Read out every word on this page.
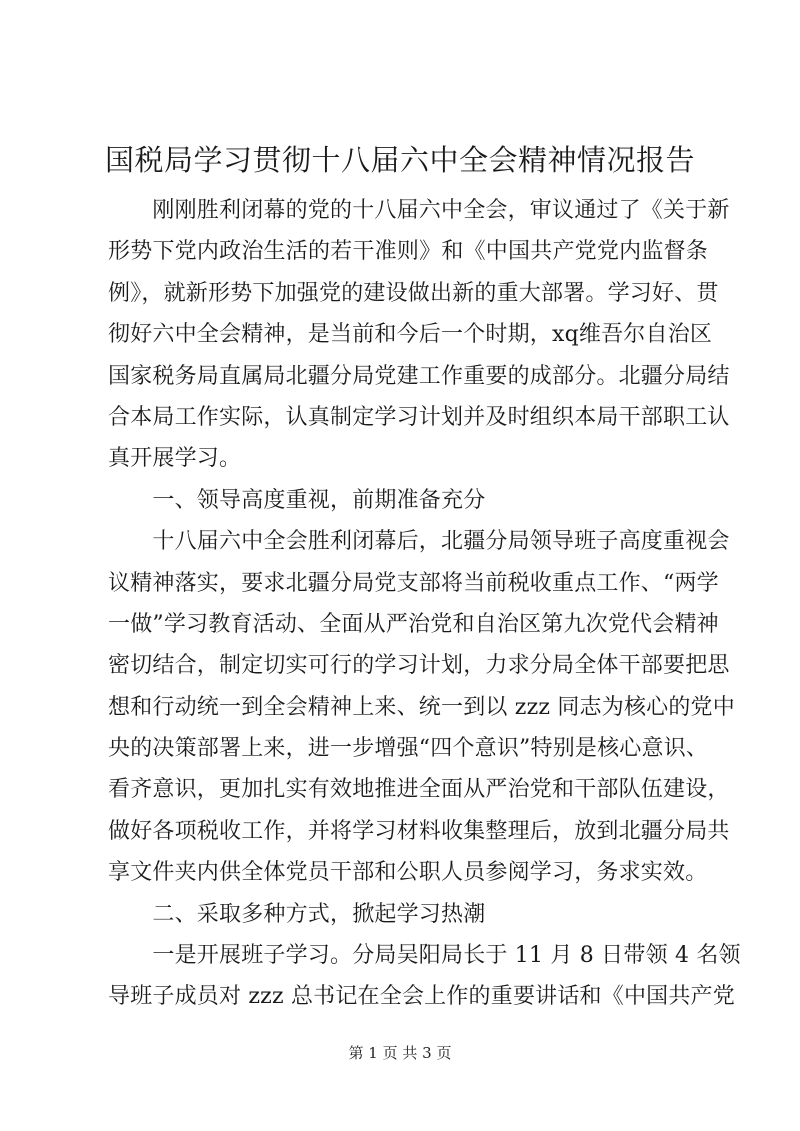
国税局学习贯彻十八届六中全会精神情况报告
　　刚刚胜利闭幕的党的十八届六中全会，审议通过了《关于新
形势下党内政治生活的若干准则》和《中国共产党党内监督条
例》，就新形势下加强党的建设做出新的重大部署。学习好、贯
彻好六中全会精神，是当前和今后一个时期，xq维吾尔自治区
国家税务局直属局北疆分局党建工作重要的成部分。北疆分局结
合本局工作实际，认真制定学习计划并及时组织本局干部职工认
真开展学习。
　　一、领导高度重视，前期准备充分
　　十八届六中全会胜利闭幕后，北疆分局领导班子高度重视会
议精神落实，要求北疆分局党支部将当前税收重点工作、“两学
一做”学习教育活动、全面从严治党和自治区第九次党代会精神
密切结合，制定切实可行的学习计划，力求分局全体干部要把思
想和行动统一到全会精神上来、统一到以 zzz 同志为核心的党中
央的决策部署上来，进一步增强“四个意识”特别是核心意识、
看齐意识，更加扎实有效地推进全面从严治党和干部队伍建设，
做好各项税收工作，并将学习材料收集整理后，放到北疆分局共
享文件夹内供全体党员干部和公职人员参阅学习，务求实效。
　　二、采取多种方式，掀起学习热潮
　　一是开展班子学习。分局吴阳局长于 11 月 8 日带领 4 名领
导班子成员对 zzz 总书记在全会上作的重要讲话和《中国共产党
第 1 页 共 3 页
